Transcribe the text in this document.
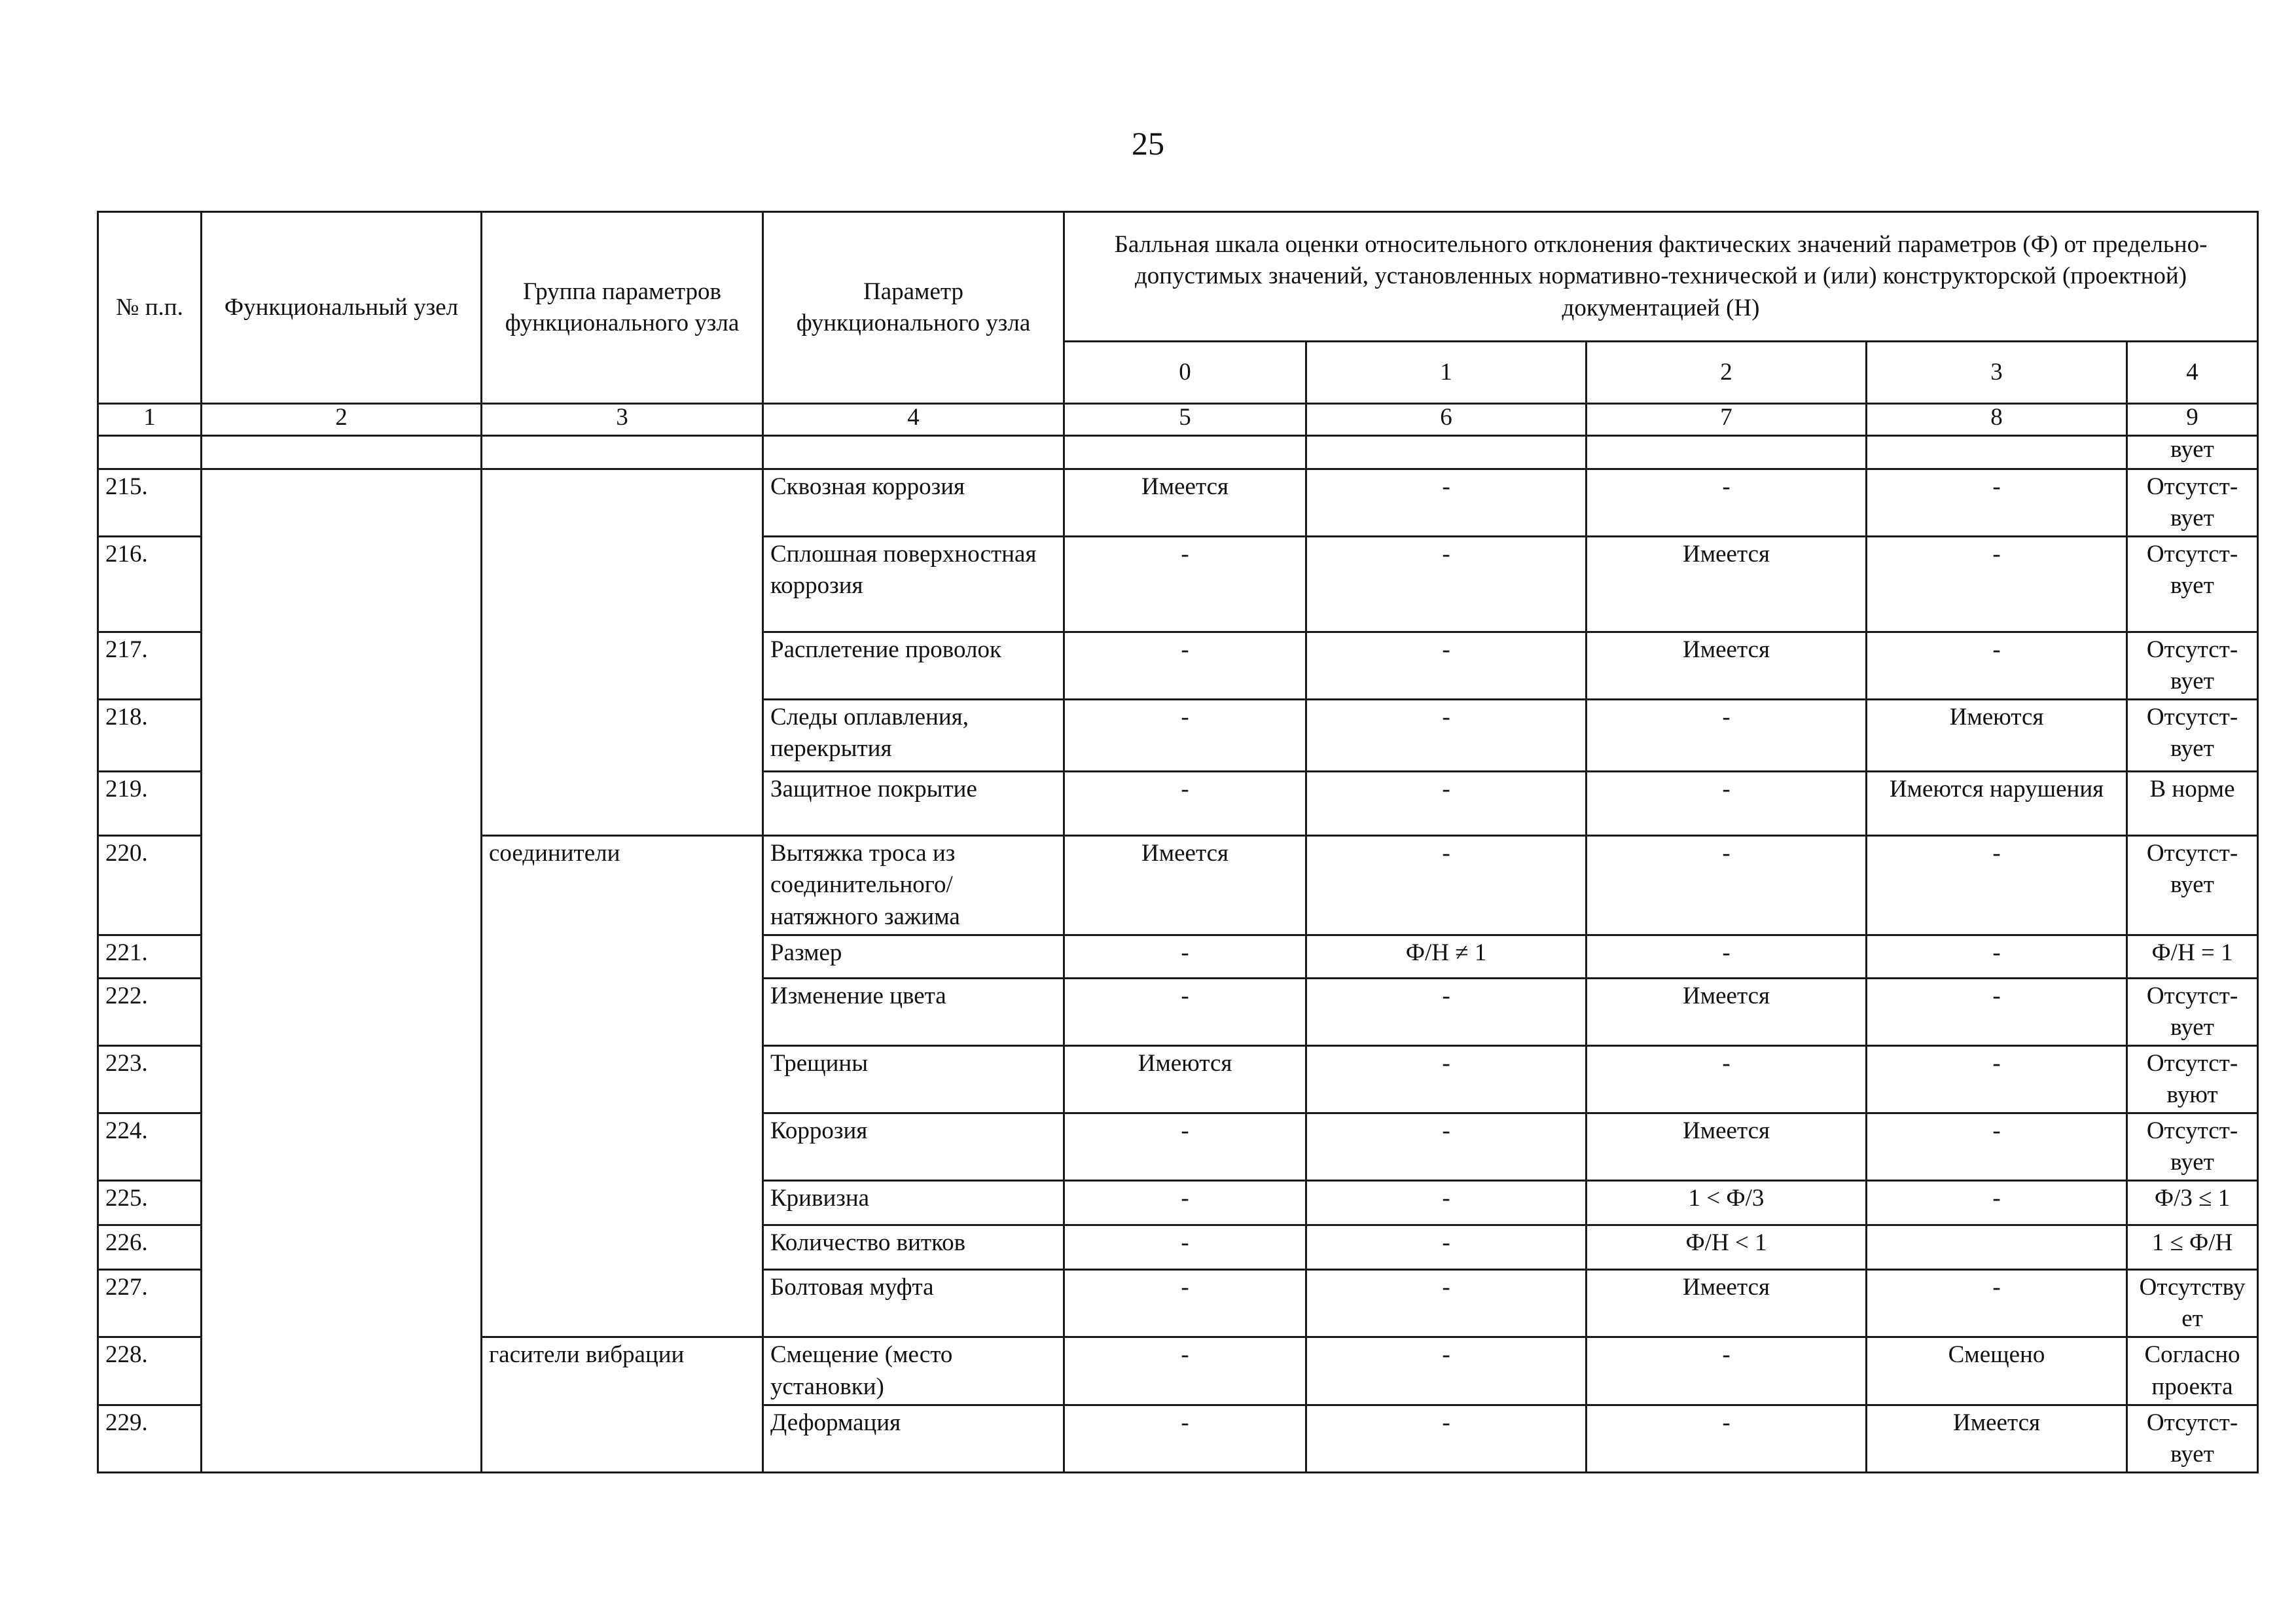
25
№ п.п.	Функциональный узел	Группа параметров функционального узла	Параметр функционального узла	Балльная шкала оценки относительного отклонения фактических значений параметров (Ф) от предельно-допустимых значений, установленных нормативно-технической и (или) конструкторской (проектной) документацией (Н)				
				0	1	2	3	4
1	2	3	4	5	6	7	8	9
								вует
215.			Сквозная коррозия	Имеется	-	-	-	Отсутст-вует
216.			Сплошная поверхностная коррозия	-	-	Имеется	-	Отсутст-вует
217.			Расплетение проволок	-	-	Имеется	-	Отсутст-вует
218.			Следы оплавления, перекрытия	-	-	-	Имеются	Отсутст-вует
219.			Защитное покрытие	-	-	-	Имеются нарушения	В норме
220.		соединители	Вытяжка троса из соединительного/ натяжного зажима	Имеется	-	-	-	Отсутст-вует
221.			Размер	-	Ф/Н ≠ 1	-	-	Ф/Н = 1
222.			Изменение цвета	-	-	Имеется	-	Отсутст-вует
223.			Трещины	Имеются	-	-	-	Отсутст-вуют
224.			Коррозия	-	-	Имеется	-	Отсутст-вует
225.			Кривизна	-	-	1 < Ф/3	-	Ф/3 ≤ 1
226.			Количество витков	-	-	Ф/Н < 1		1 ≤ Ф/Н
227.			Болтовая муфта	-	-	Имеется	-	Отсутству ет
228.		гасители вибрации	Смещение (место установки)	-	-	-	Смещено	Согласно проекта
229.			Деформация	-	-	-	Имеется	Отсутст-вует
